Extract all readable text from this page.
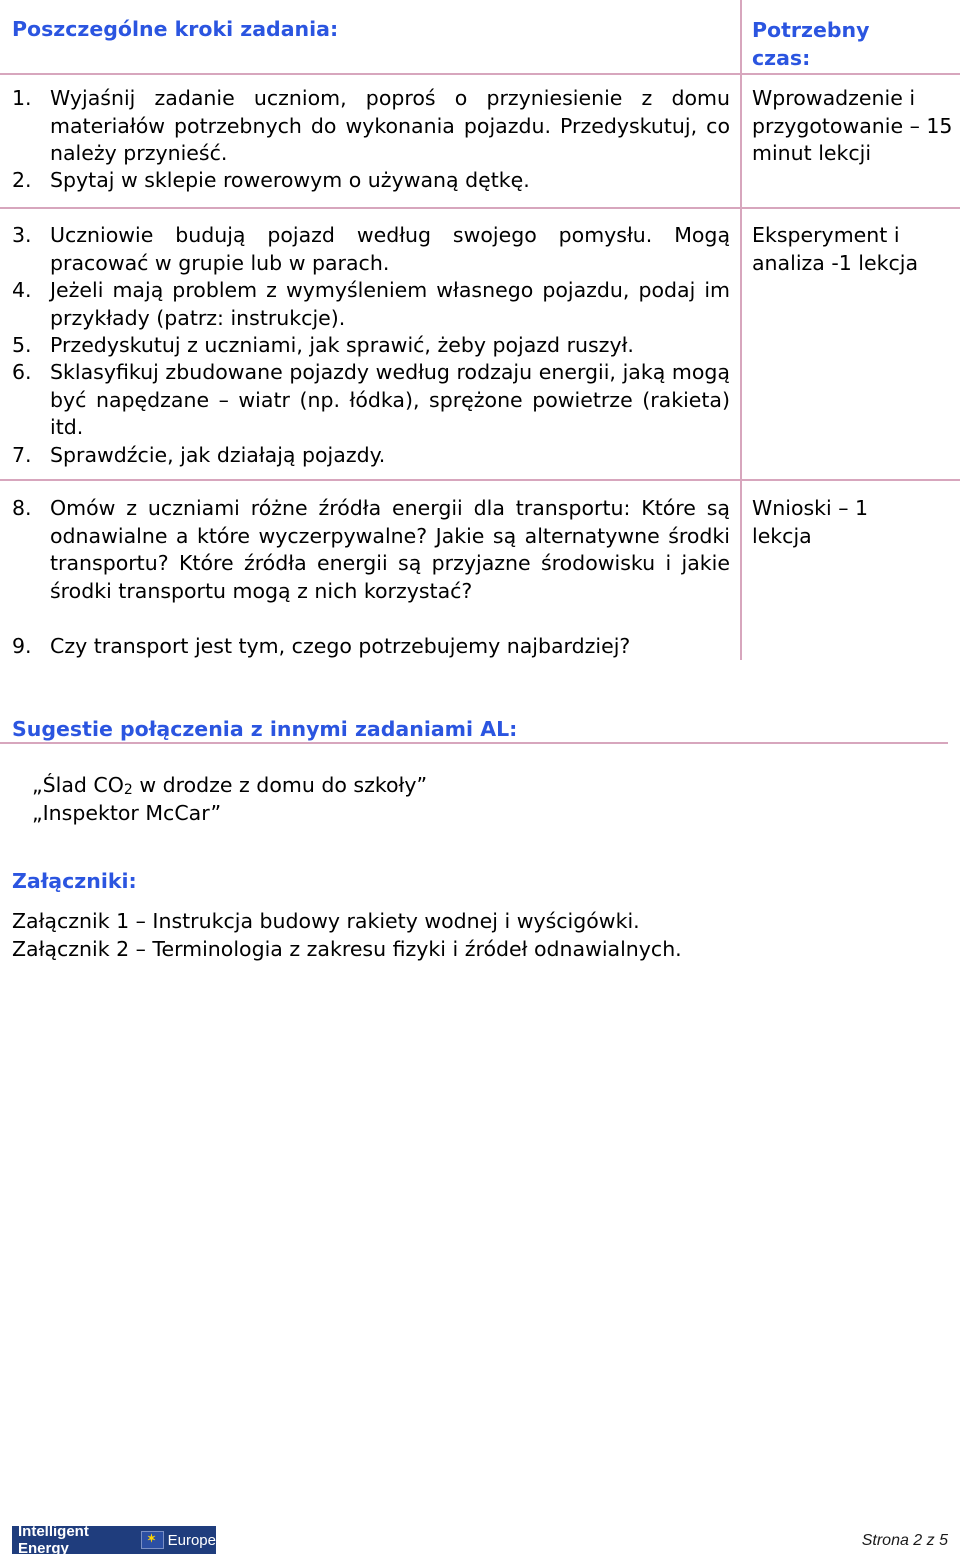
Poszczególne kroki zadania:	Potrzebny czas:
1. Wyjaśnij zadanie uczniom, poproś o przyniesienie z domu materiałów potrzebnych do wykonania pojazdu. Przedyskutuj, co należy przynieść.
2. Spytaj w sklepie rowerowym o używaną dętkę.
3. Uczniowie budują pojazd według swojego pomysłu. Mogą pracować w grupie lub w parach.
4. Jeżeli mają problem z wymyśleniem własnego pojazdu, podaj im przykłady (patrz: instrukcje).
5. Przedyskutuj z uczniami, jak sprawić, żeby pojazd ruszył.
6. Sklasyfikuj zbudowane pojazdy według rodzaju energii, jaką mogą być napędzane – wiatr (np. łódka), sprężone powietrze (rakieta) itd.
7. Sprawdźcie, jak działają pojazdy.
8. Omów z uczniami różne źródła energii dla transportu: Które są odnawialne a które wyczerpywalne? Jakie są alternatywne środki transportu? Które źródła energii są przyjazne środowisku i jakie środki transportu mogą z nich korzystać?
9. Czy transport jest tym, czego potrzebujemy najbardziej?
Wprowadzenie i przygotowanie – 15 minut lekcji
Eksperyment i analiza -1 lekcja
Wnioski – 1 lekcja
Sugestie połączenia z innymi zadaniami AL:
„Ślad $CO_2$ w drodze z domu do szkoły”
„Inspektor McCar”
Załączniki:
Załącznik 1 – Instrukcja budowy rakiety wodnej i wyścigówki.
Załącznik 2 – Terminologia z zakresu fizyki i źródeł odnawialnych.
Intelligent Energy
✶	Europe	Strona 2 z 5
